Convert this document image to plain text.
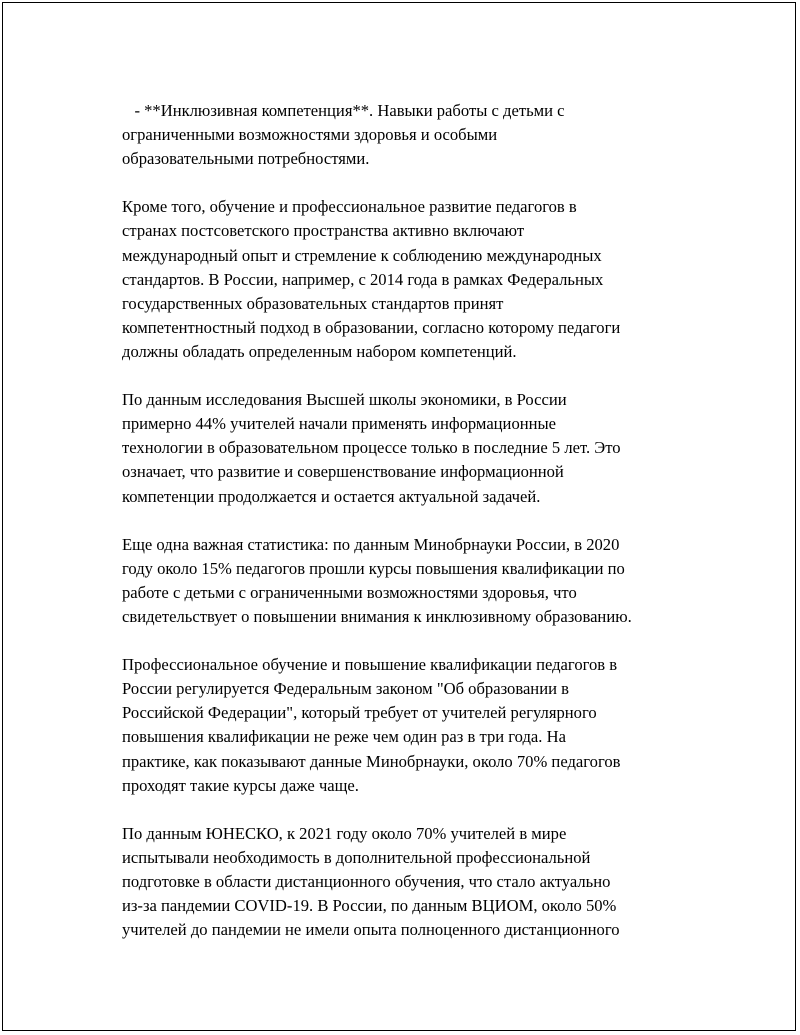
- **Инклюзивная компетенция**. Навыки работы с детьми с
ограниченными возможностями здоровья и особыми
образовательными потребностями.

Кроме того, обучение и профессиональное развитие педагогов в
странах постсоветского пространства активно включают
международный опыт и стремление к соблюдению международных
стандартов. В России, например, с 2014 года в рамках Федеральных
государственных образовательных стандартов принят
компетентностный подход в образовании, согласно которому педагоги
должны обладать определенным набором компетенций.

По данным исследования Высшей школы экономики, в России
примерно 44% учителей начали применять информационные
технологии в образовательном процессе только в последние 5 лет. Это
означает, что развитие и совершенствование информационной
компетенции продолжается и остается актуальной задачей.

Еще одна важная статистика: по данным Минобрнауки России, в 2020
году около 15% педагогов прошли курсы повышения квалификации по
работе с детьми с ограниченными возможностями здоровья, что
свидетельствует о повышении внимания к инклюзивному образованию.

Профессиональное обучение и повышение квалификации педагогов в
России регулируется Федеральным законом "Об образовании в
Российской Федерации", который требует от учителей регулярного
повышения квалификации не реже чем один раз в три года. На
практике, как показывают данные Минобрнауки, около 70% педагогов
проходят такие курсы даже чаще.

По данным ЮНЕСКО, к 2021 году около 70% учителей в мире
испытывали необходимость в дополнительной профессиональной
подготовке в области дистанционного обучения, что стало актуально
из-за пандемии COVID-19. В России, по данным ВЦИОМ, около 50%
учителей до пандемии не имели опыта полноценного дистанционного
